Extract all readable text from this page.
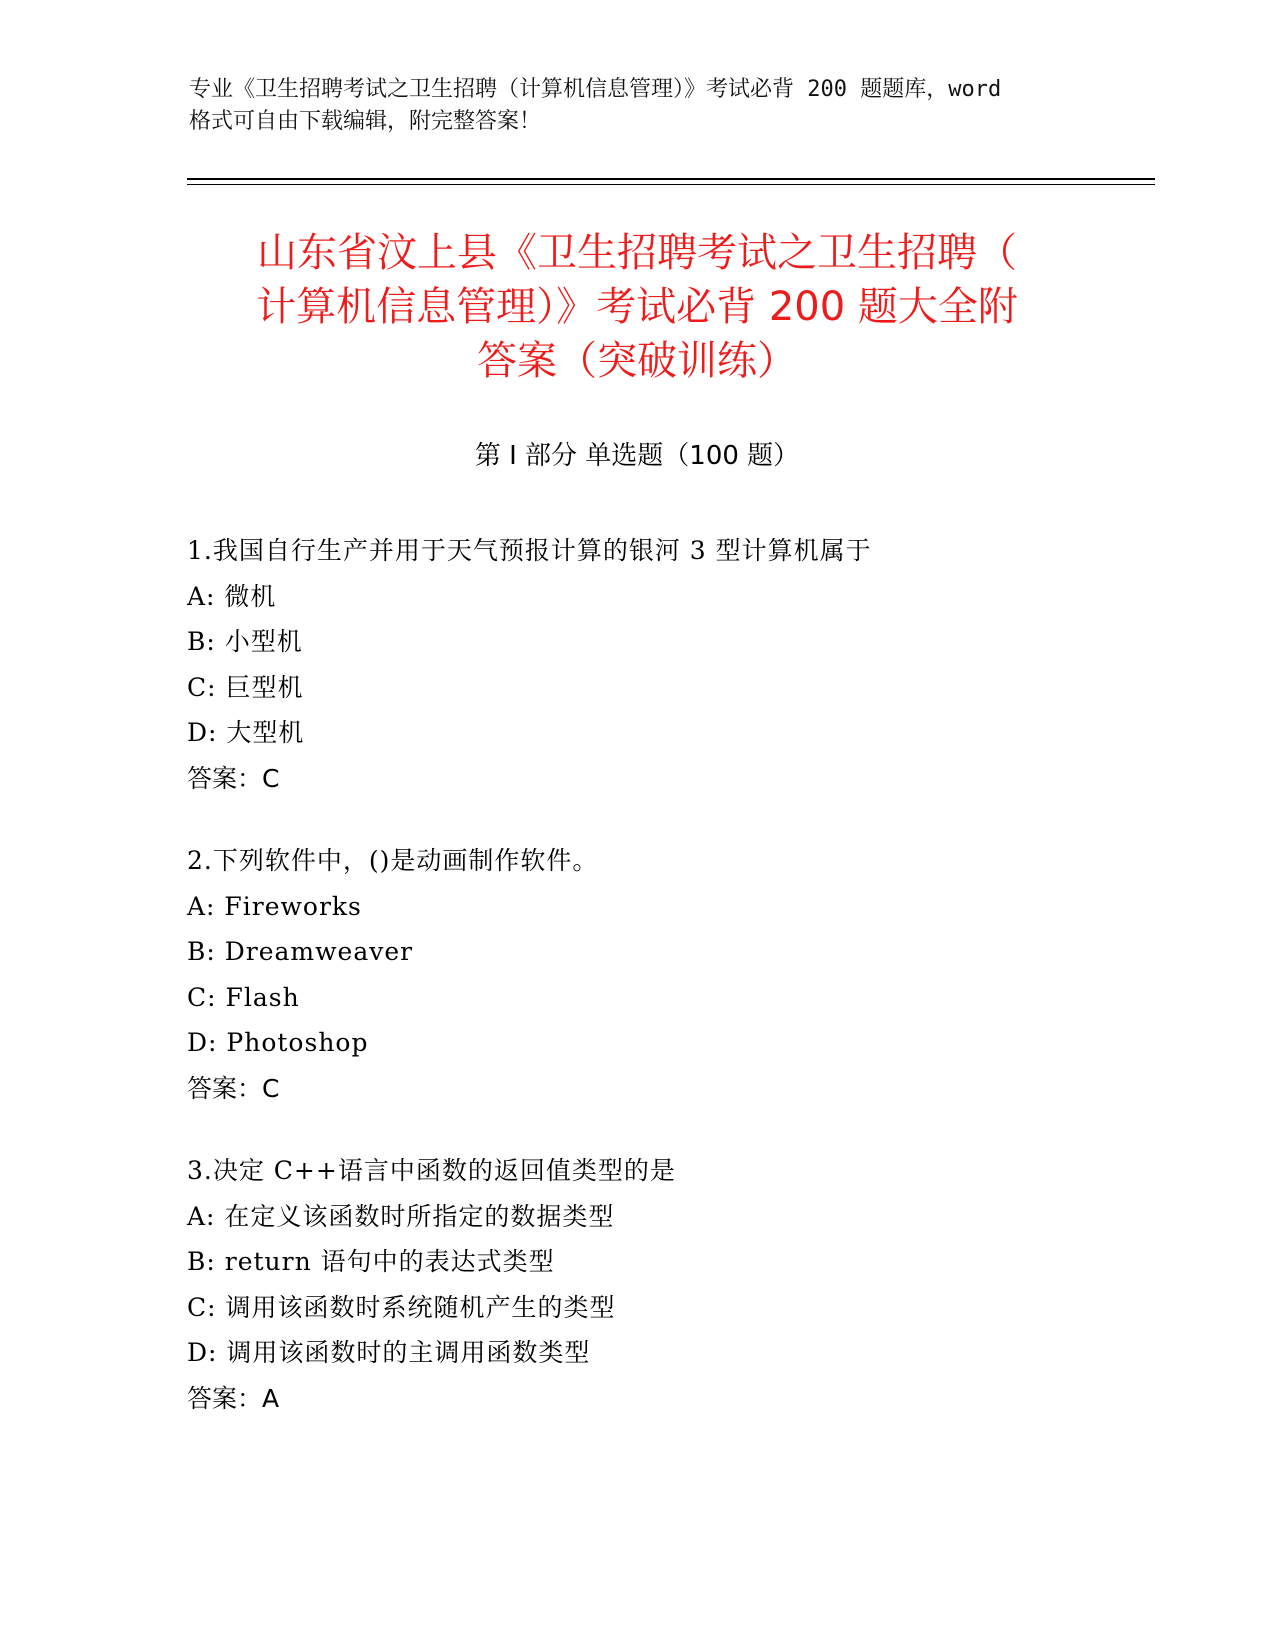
专业《卫生招聘考试之卫生招聘（计算机信息管理）》考试必背 200 题题库，word
格式可自由下载编辑，附完整答案！
山东省汶上县《卫生招聘考试之卫生招聘（
计算机信息管理）》考试必背 200 题大全附
答案（突破训练）
第 I 部分 单选题（100 题）
1.我国自行生产并用于天气预报计算的银河 3 型计算机属于
A: 微机
B: 小型机
C: 巨型机
D: 大型机
答案：C
2.下列软件中，()是动画制作软件。
A: Fireworks
B: Dreamweaver
C: Flash
D: Photoshop
答案：C
3.决定 C++语言中函数的返回值类型的是
A: 在定义该函数时所指定的数据类型
B: return 语句中的表达式类型
C: 调用该函数时系统随机产生的类型
D: 调用该函数时的主调用函数类型
答案：A
